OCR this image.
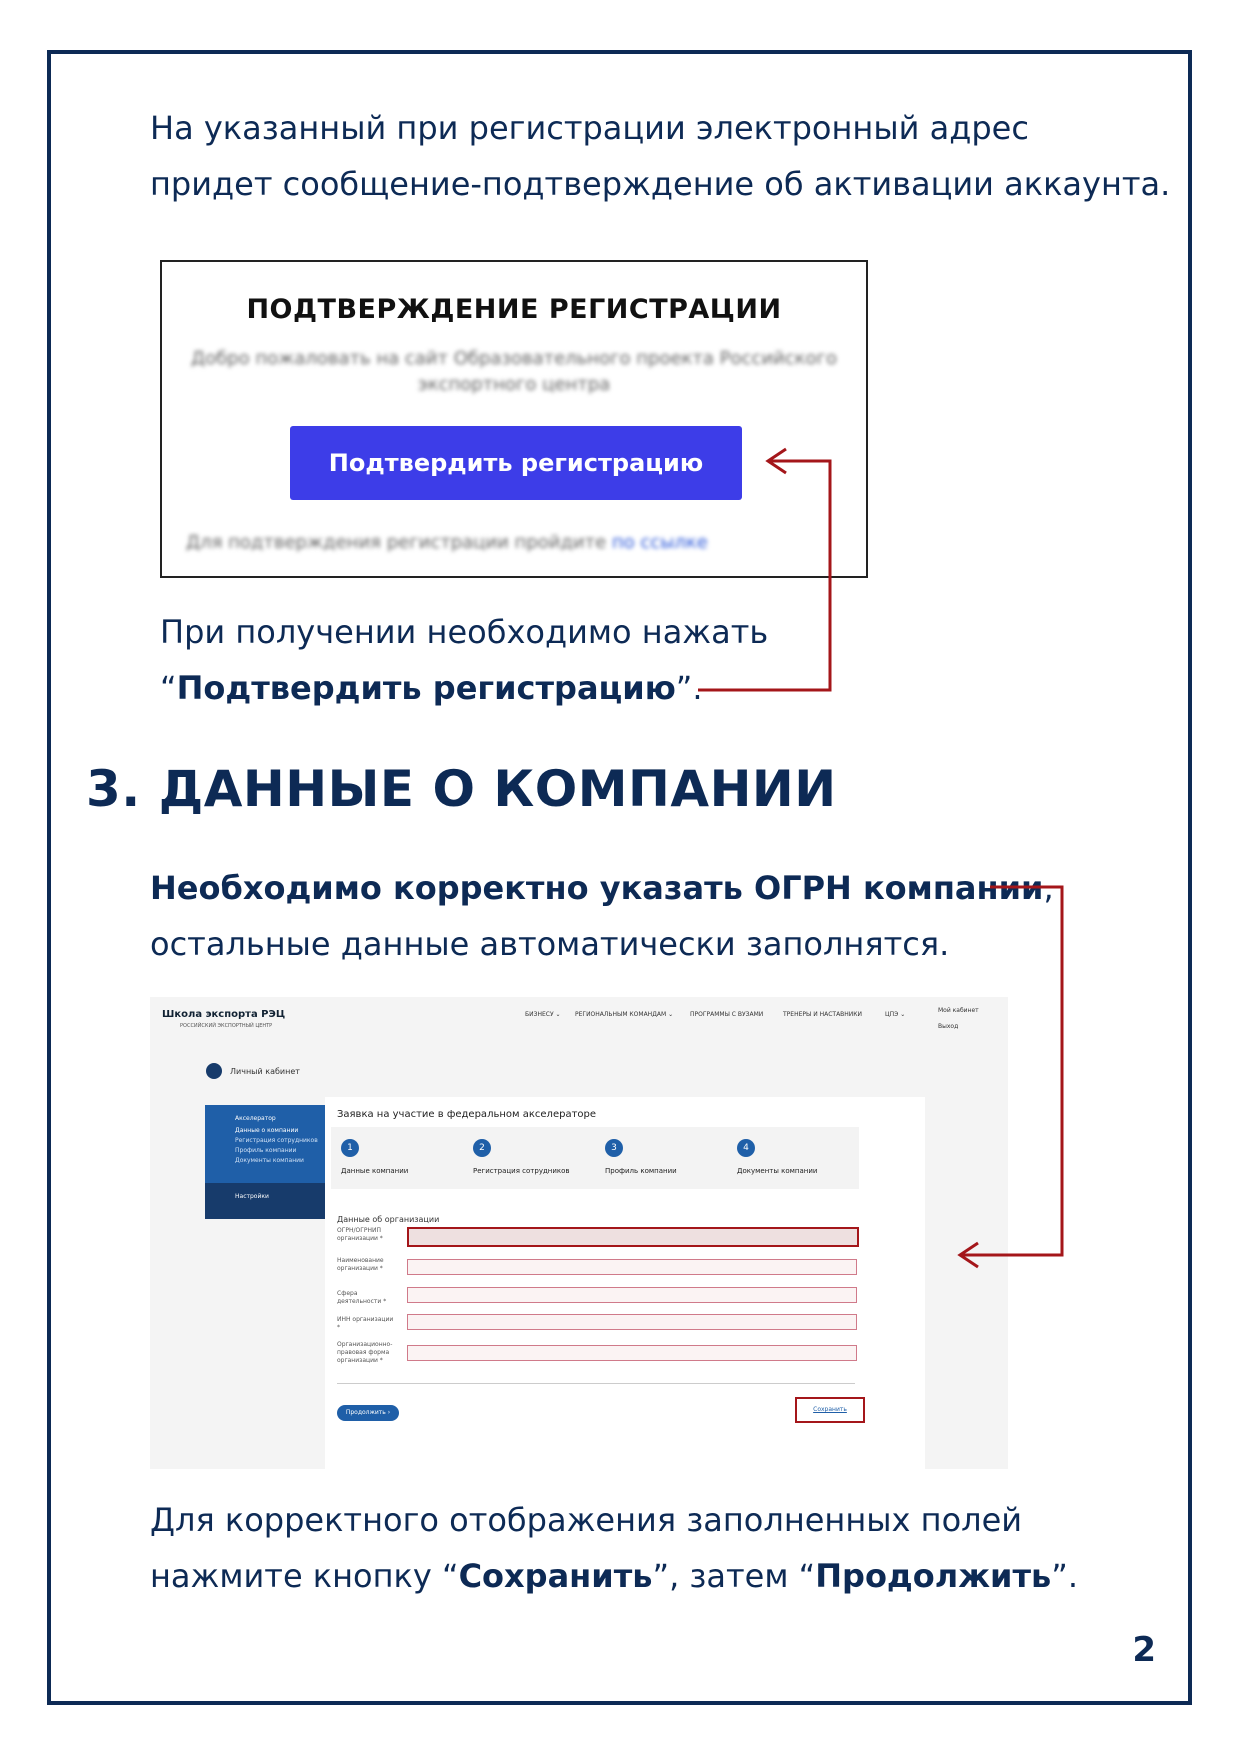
На указанный при регистрации электронный адрес
придет сообщение-подтверждение об активации аккаунта.
ПОДТВЕРЖДЕНИЕ РЕГИСТРАЦИИ
Добро пожаловать на сайт Образовательного проекта Российского
экспортного центра
Подтвердить регистрацию
Для подтверждения регистрации пройдите по ссылке
При получении необходимо нажать
“Подтвердить регистрацию”.
3. ДАННЫЕ О КОМПАНИИ
Необходимо корректно указать ОГРН компании,
остальные данные автоматически заполнятся.
Школа экспорта РЭЦ
РОССИЙСКИЙ ЭКСПОРТНЫЙ ЦЕНТР
БИЗНЕСУ ⌄ РЕГИОНАЛЬНЫМ КОМАНДАМ ⌄	ПРОГРАММЫ С ВУЗАМИ	ТРЕНЕРЫ И НАСТАВНИКИ	ЦПЭ ⌄
Мой кабинет
Выход
Личный кабинет
Акселератор
Данные о компании
Регистрация сотрудников
Профиль компании
Документы компании
Настройки
Заявка на участие в федеральном акселераторе
1
Данные компании
2
Регистрация сотрудников
3
Профиль компании
4
Документы компании
Данные об организации
ОГРН/ОГРНИП организации *
Наименование организации *
Сфера деятельности *
ИНН организации *
Организационно-правовая форма организации *
Продолжить ›	Сохранить
Для корректного отображения заполненных полей
нажмите кнопку “Сохранить”, затем “Продолжить”.
2
